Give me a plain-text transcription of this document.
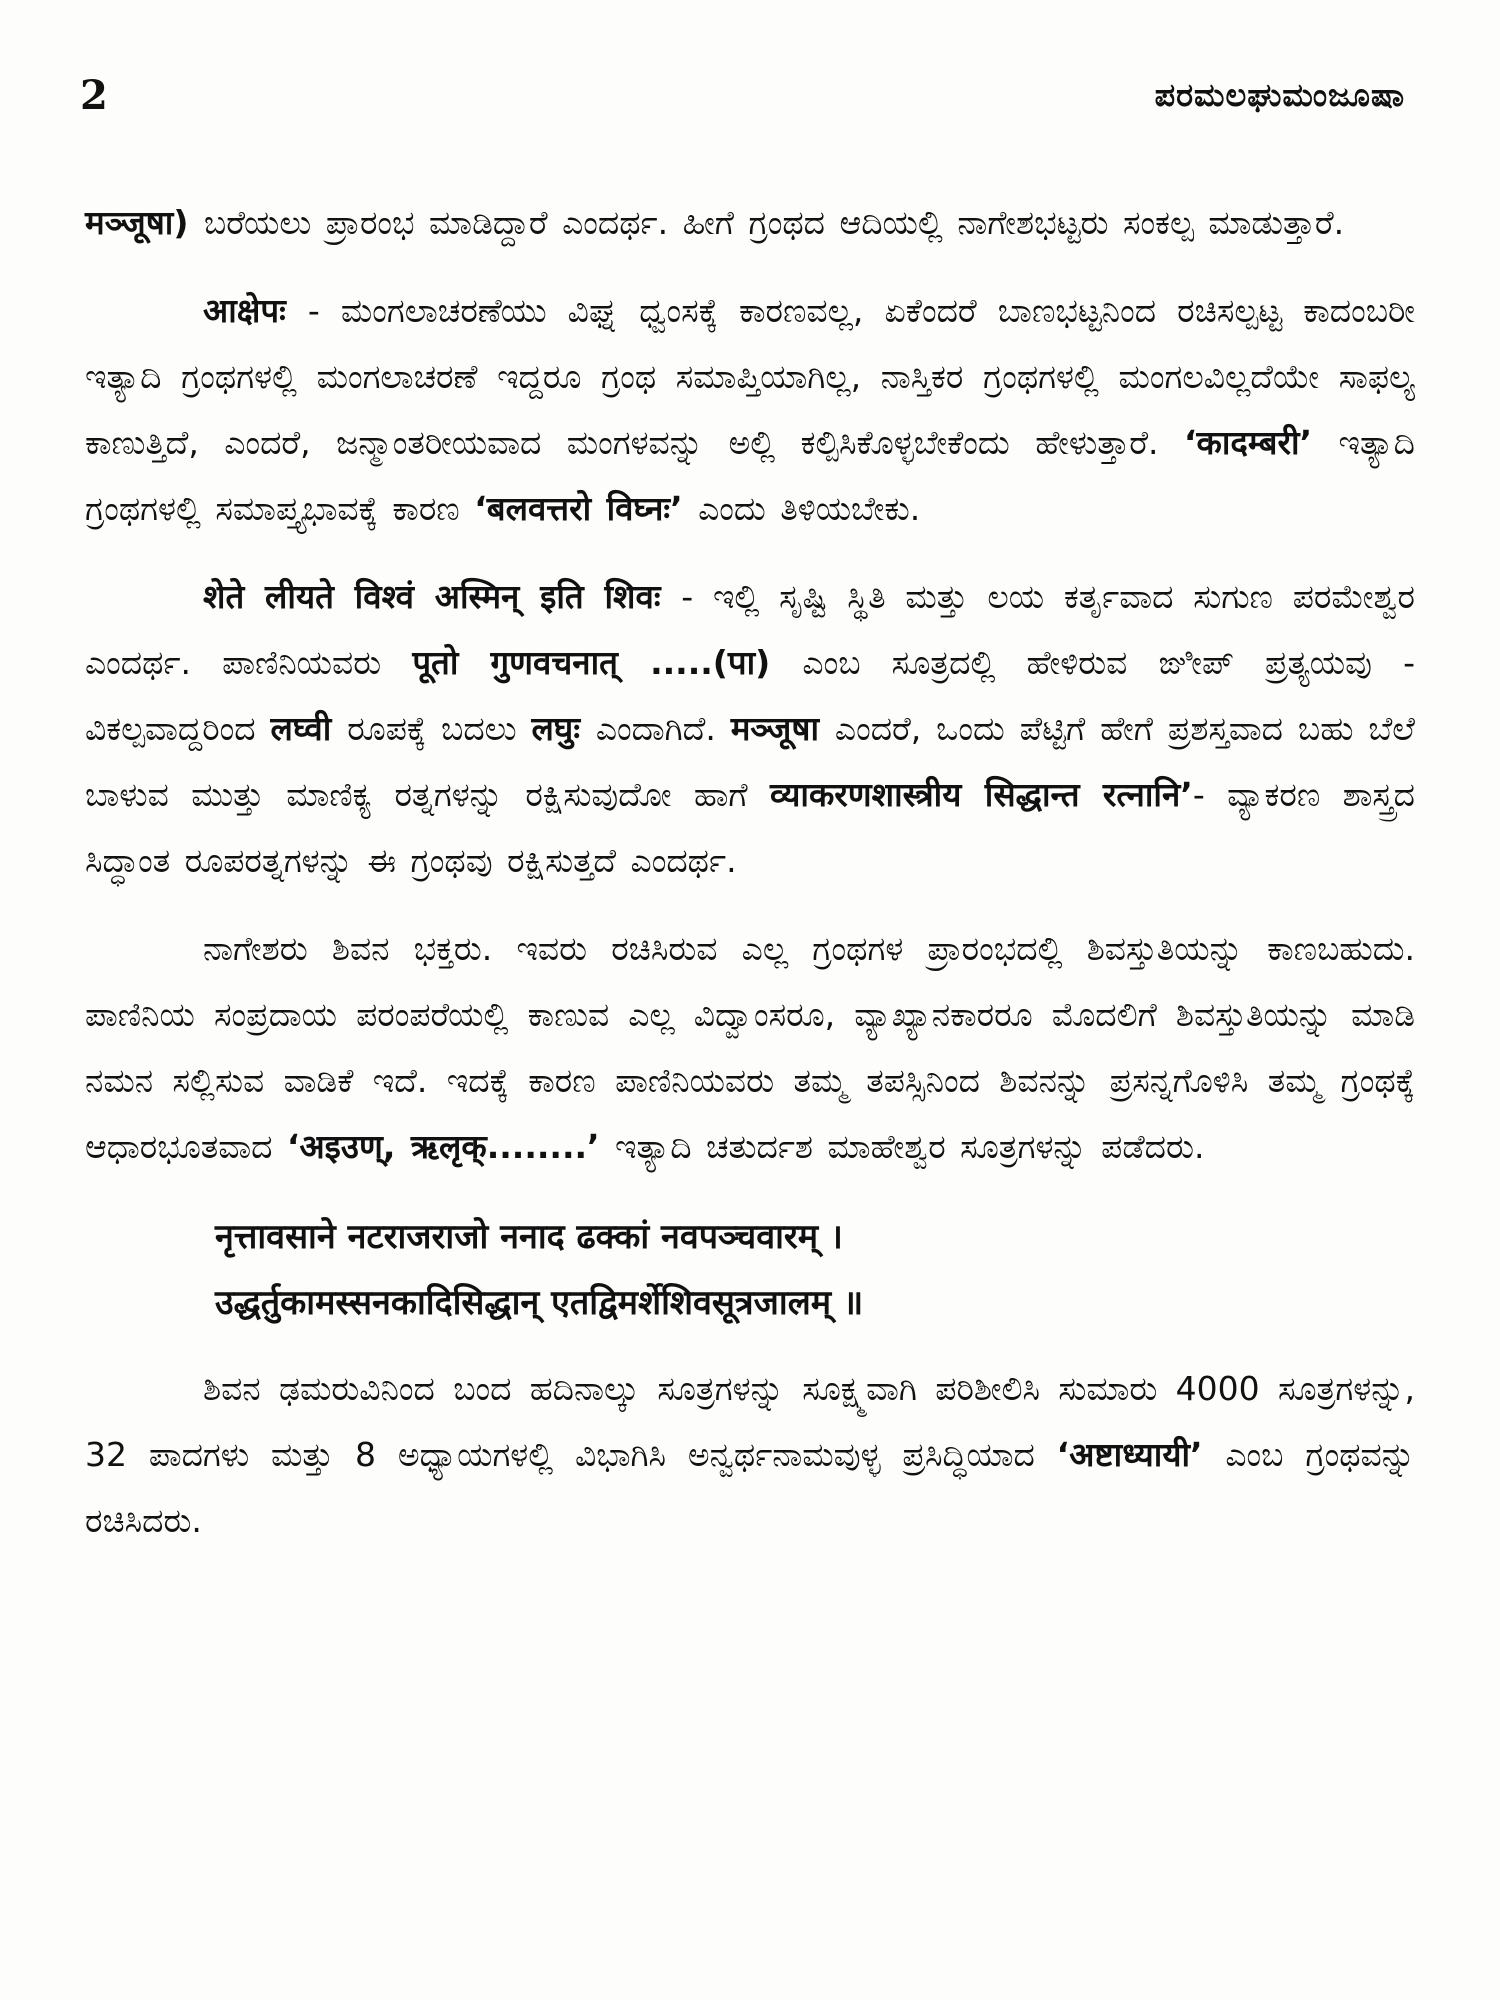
2	ಪರಮಲಘುಮಂಜೂಷಾ

मञ्जूषा) ಬರೆಯಲು ಪ್ರಾರಂಭ ಮಾಡಿದ್ದಾರೆ ಎಂದರ್ಥ. ಹೀಗೆ ಗ್ರಂಥದ ಆದಿಯಲ್ಲಿ ನಾಗೇಶಭಟ್ಟರು ಸಂಕಲ್ಪ ಮಾಡುತ್ತಾರೆ.

आक्षेपः - ಮಂಗಲಾಚರಣೆಯು ವಿಘ್ನ ಧ್ವಂಸಕ್ಕೆ ಕಾರಣವಲ್ಲ, ಏಕೆಂದರೆ ಬಾಣಭಟ್ಟನಿಂದ ರಚಿಸಲ್ಪಟ್ಟ ಕಾದಂಬರೀ ಇತ್ಯಾದಿ ಗ್ರಂಥಗಳಲ್ಲಿ ಮಂಗಲಾಚರಣೆ ಇದ್ದರೂ ಗ್ರಂಥ ಸಮಾಪ್ತಿಯಾಗಿಲ್ಲ, ನಾಸ್ತಿಕರ ಗ್ರಂಥಗಳಲ್ಲಿ ಮಂಗಲವಿಲ್ಲದೆಯೇ ಸಾಫಲ್ಯ ಕಾಣುತ್ತಿದೆ, ಎಂದರೆ, ಜನ್ಮಾಂತರೀಯವಾದ ಮಂಗಳವನ್ನು ಅಲ್ಲಿ ಕಲ್ಪಿಸಿಕೊಳ್ಳಬೇಕೆಂದು ಹೇಳುತ್ತಾರೆ. ‘कादम्बरी’ ಇತ್ಯಾದಿ ಗ್ರಂಥಗಳಲ್ಲಿ ಸಮಾಪ್ತ್ಯಭಾವಕ್ಕೆ ಕಾರಣ ‘बलवत्तरो विघ्नः’ ಎಂದು ತಿಳಿಯಬೇಕು.

शेते लीयते विश्वं अस्मिन् इति शिवः - ಇಲ್ಲಿ ಸೃಷ್ಟಿ ಸ್ಥಿತಿ ಮತ್ತು ಲಯ ಕರ್ತೃವಾದ ಸುಗುಣ ಪರಮೇಶ್ವರ ಎಂದರ್ಥ. ಪಾಣಿನಿಯವರು पूतो गुणवचनात् .....(पा) ಎಂಬ ಸೂತ್ರದಲ್ಲಿ ಹೇಳಿರುವ ಙೀಪ್ ಪ್ರತ್ಯಯವು - ವಿಕಲ್ಪವಾದ್ದರಿಂದ लघ्वी ರೂಪಕ್ಕೆ ಬದಲು लघुः ಎಂದಾಗಿದೆ. मञ्जूषा ಎಂದರೆ, ಒಂದು ಪೆಟ್ಟಿಗೆ ಹೇಗೆ ಪ್ರಶಸ್ತವಾದ ಬಹು ಬೆಲೆ ಬಾಳುವ ಮುತ್ತು ಮಾಣಿಕ್ಯ ರತ್ನಗಳನ್ನು ರಕ್ಷಿಸುವುದೋ ಹಾಗೆ व्याकरणशास्त्रीय सिद्धान्त रत्नानि’- ವ್ಯಾಕರಣ ಶಾಸ್ತ್ರದ ಸಿದ್ಧಾಂತ ರೂಪರತ್ನಗಳನ್ನು ಈ ಗ್ರಂಥವು ರಕ್ಷಿಸುತ್ತದೆ ಎಂದರ್ಥ.

ನಾಗೇಶರು ಶಿವನ ಭಕ್ತರು. ಇವರು ರಚಿಸಿರುವ ಎಲ್ಲ ಗ್ರಂಥಗಳ ಪ್ರಾರಂಭದಲ್ಲಿ ಶಿವಸ್ತುತಿಯನ್ನು ಕಾಣಬಹುದು. ಪಾಣಿನಿಯ ಸಂಪ್ರದಾಯ ಪರಂಪರೆಯಲ್ಲಿ ಕಾಣುವ ಎಲ್ಲ ವಿದ್ವಾಂಸರೂ, ವ್ಯಾಖ್ಯಾನಕಾರರೂ ಮೊದಲಿಗೆ ಶಿವಸ್ತುತಿಯನ್ನು ಮಾಡಿ ನಮನ ಸಲ್ಲಿಸುವ ವಾಡಿಕೆ ಇದೆ. ಇದಕ್ಕೆ ಕಾರಣ ಪಾಣಿನಿಯವರು ತಮ್ಮ ತಪಸ್ಸಿನಿಂದ ಶಿವನನ್ನು ಪ್ರಸನ್ನಗೊಳಿಸಿ ತಮ್ಮ ಗ್ರಂಥಕ್ಕೆ ಆಧಾರಭೂತವಾದ ‘अइउण्, ऋलृक्........’ ಇತ್ಯಾದಿ ಚತುರ್ದಶ ಮಾಹೇಶ್ವರ ಸೂತ್ರಗಳನ್ನು ಪಡೆದರು.

नृत्तावसाने नटराजराजो ननाद ढक्कां नवपञ्चवारम् ।
उद्धर्तुकामस्सनकादिसिद्धान् एतद्विमर्शेशिवसूत्रजालम् ॥

ಶಿವನ ಢಮರುವಿನಿಂದ ಬಂದ ಹದಿನಾಲ್ಕು ಸೂತ್ರಗಳನ್ನು ಸೂಕ್ಷ್ಮವಾಗಿ ಪರಿಶೀಲಿಸಿ ಸುಮಾರು 4000 ಸೂತ್ರಗಳನ್ನು, 32 ಪಾದಗಳು ಮತ್ತು 8 ಅಧ್ಯಾಯಗಳಲ್ಲಿ ವಿಭಾಗಿಸಿ ಅನ್ವರ್ಥನಾಮವುಳ್ಳ ಪ್ರಸಿದ್ಧಿಯಾದ ‘अष्टाध्यायी’ ಎಂಬ ಗ್ರಂಥವನ್ನು ರಚಿಸಿದರು.
